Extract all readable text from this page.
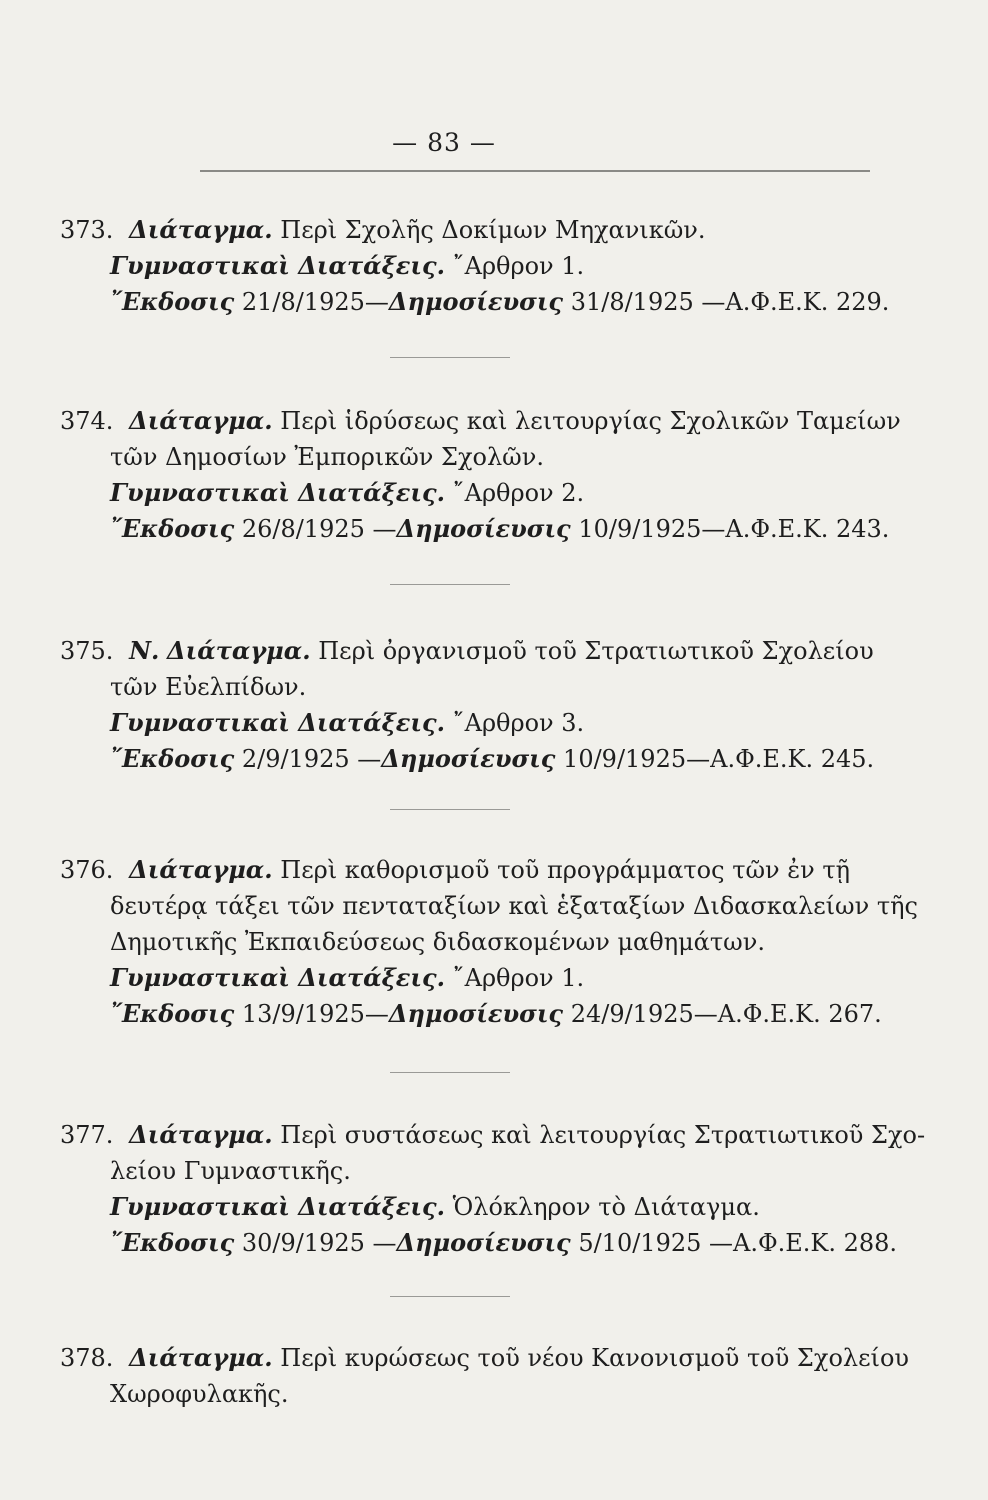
— 83 —
373. Διάταγμα. Περὶ Σχολῆς Δοκίμων Μηχανικῶν.
Γυμναστικαὶ Διατάξεις. ῎Αρθρον 1.
῎Εκδοσις 21/8/1925—Δημοσίευσις 31/8/1925 —Α.Φ.Ε.Κ. 229.
374. Διάταγμα. Περὶ ἱδρύσεως καὶ λειτουργίας Σχολικῶν Ταμείων
τῶν Δημοσίων Ἐμπορικῶν Σχολῶν.
Γυμναστικαὶ Διατάξεις. ῎Αρθρον 2.
῎Εκδοσις 26/8/1925 —Δημοσίευσις 10/9/1925—Α.Φ.Ε.Κ. 243.
375. Ν. Διάταγμα. Περὶ ὀργανισμοῦ τοῦ Στρατιωτικοῦ Σχολείου
τῶν Εὐελπίδων.
Γυμναστικαὶ Διατάξεις. ῎Αρθρον 3.
῎Εκδοσις 2/9/1925 —Δημοσίευσις 10/9/1925—Α.Φ.Ε.Κ. 245.
376. Διάταγμα. Περὶ καθορισμοῦ τοῦ προγράμματος τῶν ἐν τῇ
δευτέρᾳ τάξει τῶν πενταταξίων καὶ ἑξαταξίων Διδασκαλείων τῆς
Δημοτικῆς Ἐκπαιδεύσεως διδασκομένων μαθημάτων.
Γυμναστικαὶ Διατάξεις. ῎Αρθρον 1.
῎Εκδοσις 13/9/1925—Δημοσίευσις 24/9/1925—Α.Φ.Ε.Κ. 267.
377. Διάταγμα. Περὶ συστάσεως καὶ λειτουργίας Στρατιωτικοῦ Σχο-
λείου Γυμναστικῆς.
Γυμναστικαὶ Διατάξεις. Ὁλόκληρον τὸ Διάταγμα.
῎Εκδοσις 30/9/1925 —Δημοσίευσις 5/10/1925 —Α.Φ.Ε.Κ. 288.
378. Διάταγμα. Περὶ κυρώσεως τοῦ νέου Κανονισμοῦ τοῦ Σχολείου
Χωροφυλακῆς.
